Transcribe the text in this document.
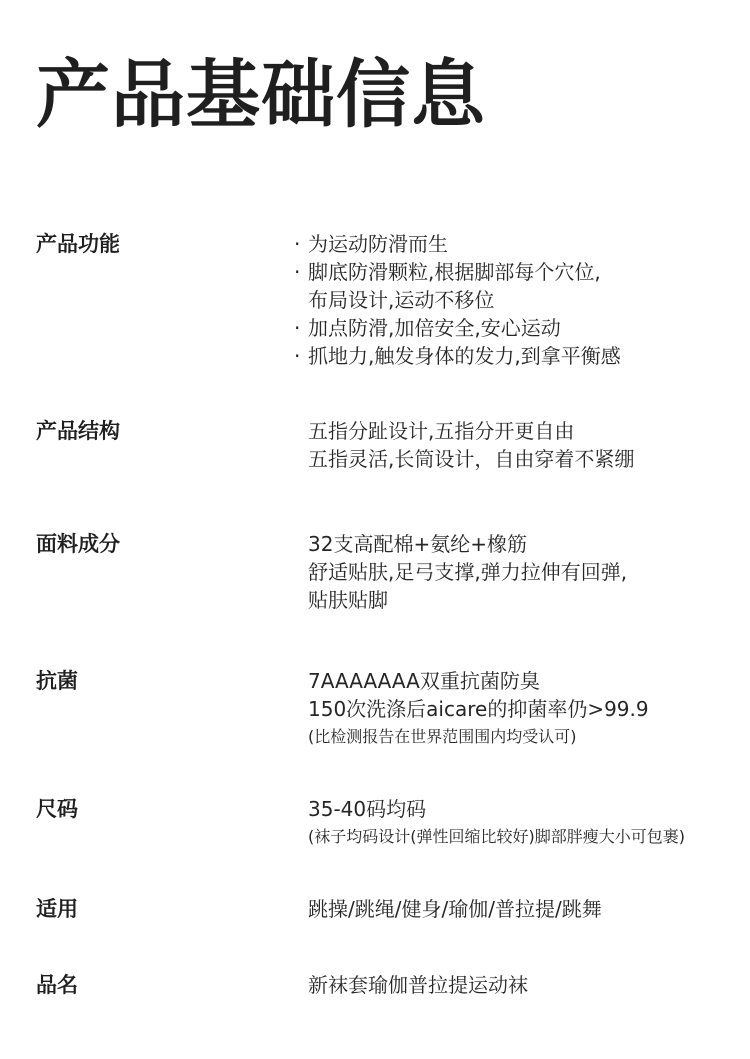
产品基础信息
产品功能	· 为运动防滑而生
· 脚底防滑颗粒,根据脚部每个穴位,
布局设计,运动不移位
· 加点防滑,加倍安全,安心运动
· 抓地力,触发身体的发力,到拿平衡感
产品结构	五指分趾设计,五指分开更自由
五指灵活,长筒设计，自由穿着不紧绷
面料成分	32支高配棉+氨纶+橡筋
舒适贴肤,足弓支撑,弹力拉伸有回弹,
贴肤贴脚
抗菌	7AAAAAAA双重抗菌防臭
150次洗涤后aicare的抑菌率仍>99.9
(比检测报告在世界范围围内均受认可)
尺码	35-40码均码
(袜子均码设计(弹性回缩比较好)脚部胖瘦大小可包裹)
适用	跳操/跳绳/健身/瑜伽/普拉提/跳舞
品名	新袜套瑜伽普拉提运动袜
